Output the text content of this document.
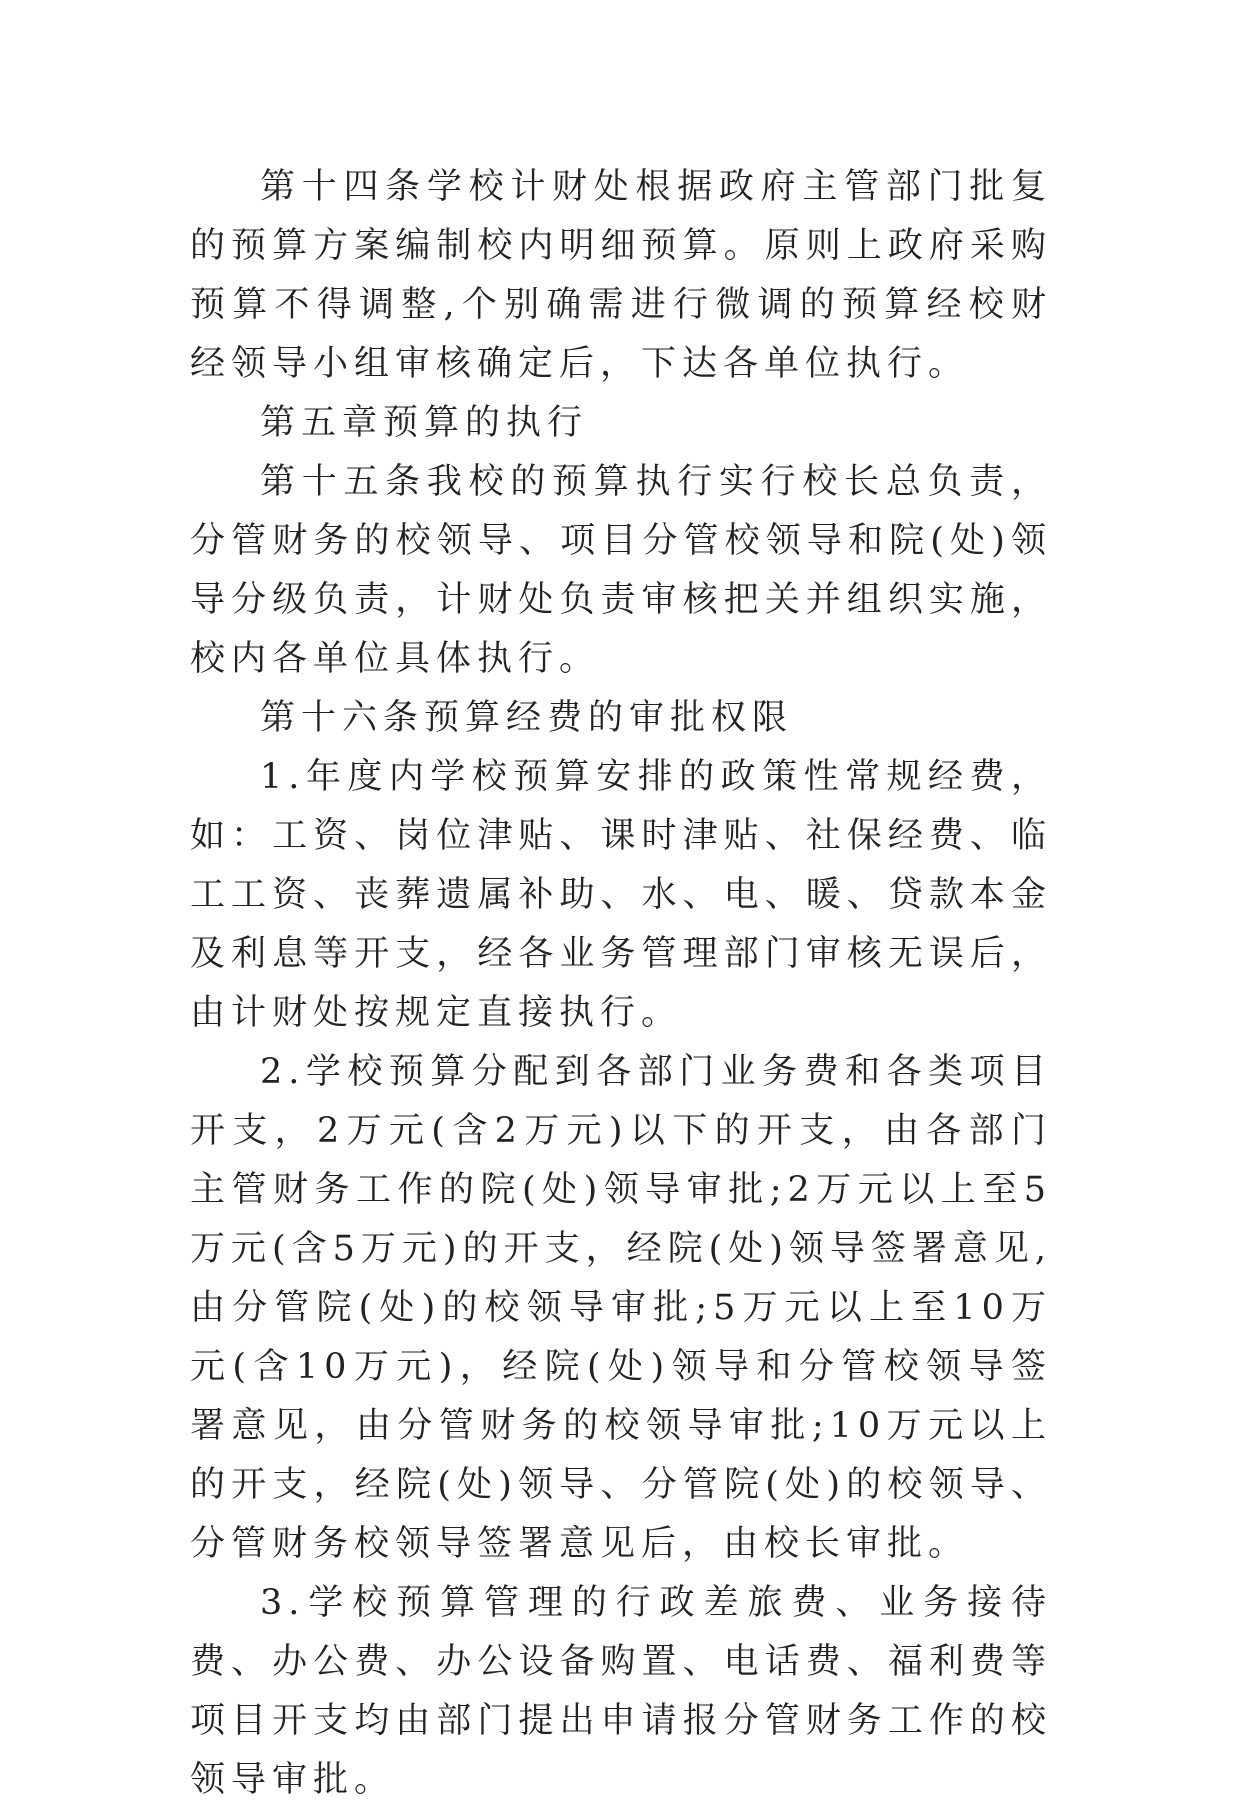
第十四条学校计财处根据政府主管部门批复的预算方案编制校内明细预算。原则上政府采购预算不得调整,个别确需进行微调的预算经校财经领导小组审核确定后，下达各单位执行。

第五章预算的执行

第十五条我校的预算执行实行校长总负责，分管财务的校领导、项目分管校领导和院(处)领导分级负责，计财处负责审核把关并组织实施，校内各单位具体执行。

第十六条预算经费的审批权限

1.年度内学校预算安排的政策性常规经费，如：工资、岗位津贴、课时津贴、社保经费、临工工资、丧葬遗属补助、水、电、暖、贷款本金及利息等开支，经各业务管理部门审核无误后，由计财处按规定直接执行。

2.学校预算分配到各部门业务费和各类项目开支，2万元(含2万元)以下的开支，由各部门主管财务工作的院(处)领导审批;2万元以上至5万元(含5万元)的开支，经院(处)领导签署意见,由分管院(处)的校领导审批;5万元以上至10万元(含10万元)，经院(处)领导和分管校领导签署意见，由分管财务的校领导审批;10万元以上的开支，经院(处)领导、分管院(处)的校领导、分管财务校领导签署意见后，由校长审批。

3.学校预算管理的行政差旅费、业务接待费、办公费、办公设备购置、电话费、福利费等项目开支均由部门提出申请报分管财务工作的校领导审批。
